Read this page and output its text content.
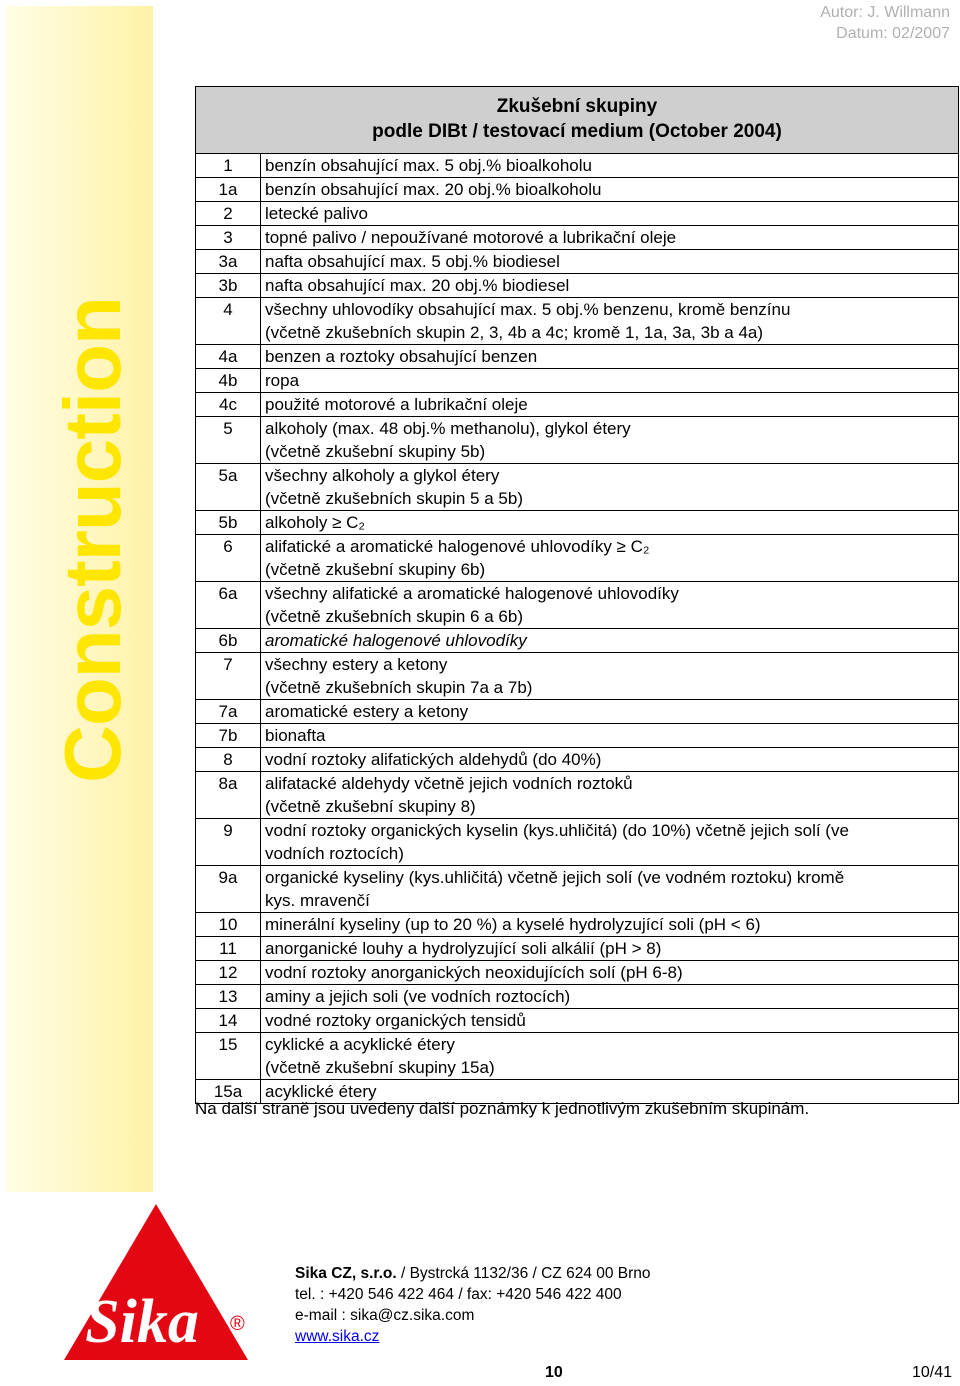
Construction
Autor: J. Willmann
Datum: 02/2007
Zkušební skupiny
podle DIBt / testovací medium (October 2004)	

1	benzín obsahující max. 5 obj.% bioalkoholu

1a	benzín obsahující max. 20 obj.% bioalkoholu

2	letecké palivo

3	topné palivo / nepoužívané motorové a lubrikační oleje

3a	nafta obsahující max. 5 obj.% biodiesel

3b	nafta obsahující max. 20 obj.% biodiesel

4	všechny uhlovodíky obsahující max. 5 obj.% benzenu, kromě benzínu
(včetně zkušebních skupin 2, 3, 4b a 4c; kromě 1, 1a, 3a, 3b a 4a)

4a	benzen a roztoky obsahující benzen

4b	ropa

4c	použité motorové a lubrikační oleje

5	alkoholy (max. 48 obj.% methanolu), glykol étery
(včetně zkušební skupiny 5b)

5a	všechny alkoholy a glykol étery
(včetně zkušebních skupin 5 a 5b)

5b	alkoholy ≥ C₂

6	alifatické a aromatické halogenové uhlovodíky ≥ C₂
(včetně zkušební skupiny 6b)

6a	všechny alifatické a aromatické halogenové uhlovodíky
(včetně zkušebních skupin 6 a 6b)

6b	aromatické halogenové uhlovodíky

7	všechny estery a ketony
(včetně zkušebních skupin 7a a 7b)

7a	aromatické estery a ketony

7b	bionafta

8	vodní roztoky alifatických aldehydů (do 40%)

8a	alifatacké aldehydy včetně jejich vodních roztoků
(včetně zkušební skupiny 8)

9	vodní roztoky organických kyselin (kys.uhličitá) (do 10%) včetně jejich solí (ve
vodních roztocích)

9a	organické kyseliny (kys.uhličitá) včetně jejich solí (ve vodném roztoku) kromě
kys. mravenčí

10	minerální kyseliny (up to 20 %) a kyselé hydrolyzující soli (pH < 6)

11	anorganické louhy a hydrolyzující soli alkálií (pH > 8)

12	vodní roztoky anorganických neoxidujících solí (pH 6-8)

13	aminy a jejich soli (ve vodních roztocích)

14	vodné roztoky organických tensidů

15	cyklické a acyklické étery
(včetně zkušební skupiny 15a)

15a	acyklické étery
Na další straně jsou uvedeny další poznámky k jednotlivým zkušebním skupinám.
Sika ®
Sika CZ, s.r.o. / Bystrcká 1132/36 / CZ 624 00 Brno
tel. : +420 546 422 464 / fax: +420 546 422 400
e-mail : sika@cz.sika.com
www.sika.cz
10	10/41
